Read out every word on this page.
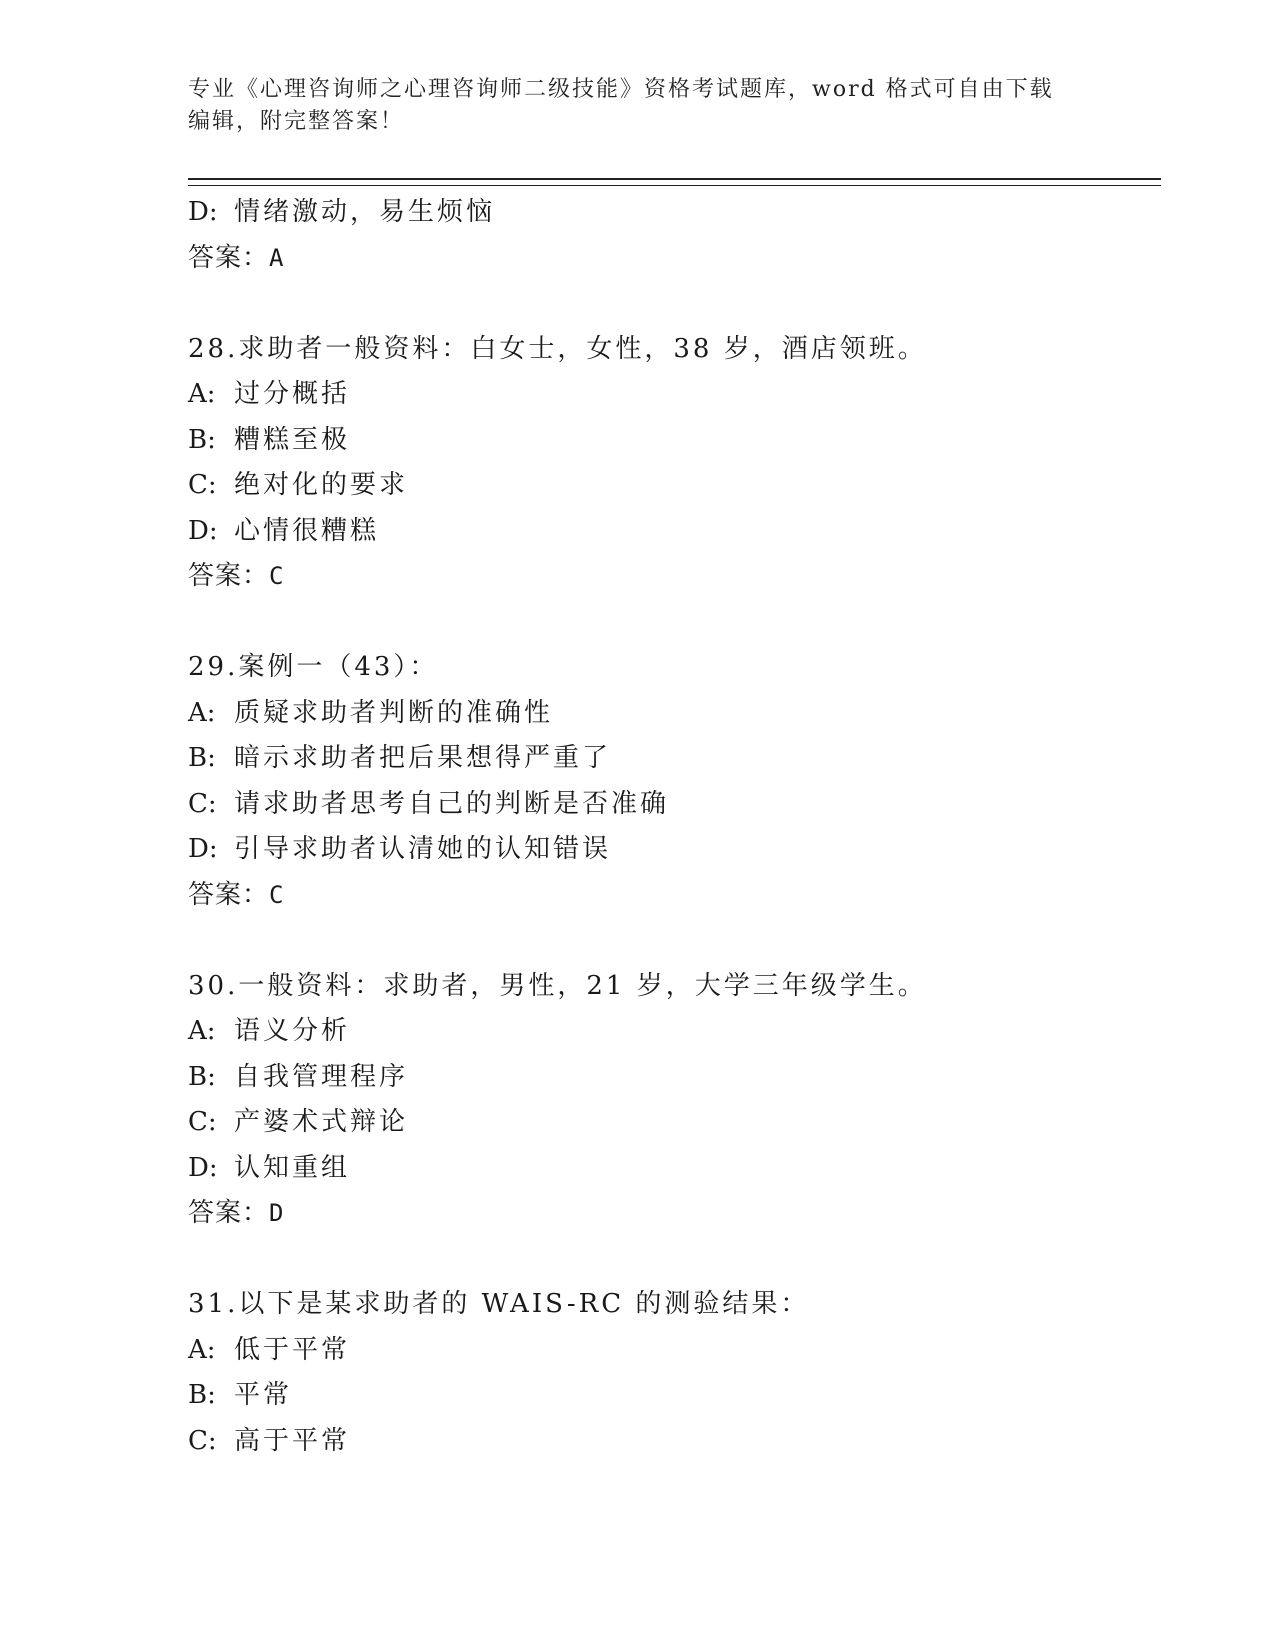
专业《心理咨询师之心理咨询师二级技能》资格考试题库，word 格式可自由下载
编辑，附完整答案！
D: 情绪激动，易生烦恼
答案：A
28.求助者一般资料：白女士，女性，38 岁，酒店领班。
A: 过分概括
B: 糟糕至极
C: 绝对化的要求
D: 心情很糟糕
答案：C
29.案例一（43）：
A: 质疑求助者判断的准确性
B: 暗示求助者把后果想得严重了
C: 请求助者思考自己的判断是否准确
D: 引导求助者认清她的认知错误
答案：C
30.一般资料：求助者，男性，21 岁，大学三年级学生。
A: 语义分析
B: 自我管理程序
C: 产婆术式辩论
D: 认知重组
答案：D
31.以下是某求助者的 WAIS-RC 的测验结果：
A: 低于平常
B: 平常
C: 高于平常
